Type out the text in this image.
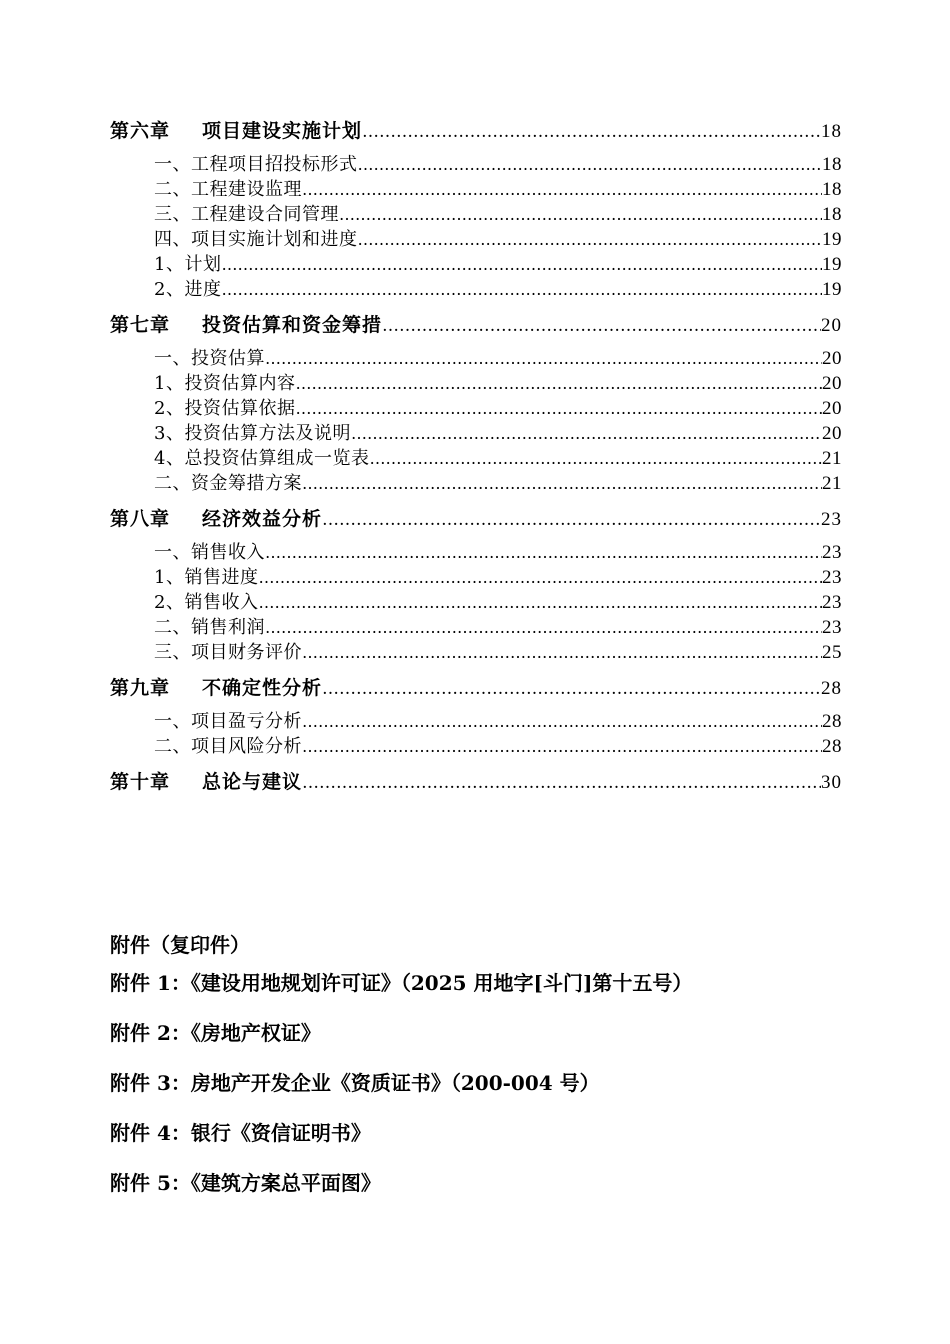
第六章 项目建设实施计划 ……………………………………………………………………………………………………………………………………………………………………	18
一、工程项目招投标形式 ……………………………………………………………………………………………………………………………………………………………………	18
二、工程建设监理 ……………………………………………………………………………………………………………………………………………………………………	18
三、工程建设合同管理 ……………………………………………………………………………………………………………………………………………………………………	18
四、项目实施计划和进度 ……………………………………………………………………………………………………………………………………………………………………	19
1、计划 ……………………………………………………………………………………………………………………………………………………………………	19
2、进度 ……………………………………………………………………………………………………………………………………………………………………	19
第七章 投资估算和资金筹措 ……………………………………………………………………………………………………………………………………………………………………	20
一、投资估算 ……………………………………………………………………………………………………………………………………………………………………	20
1、投资估算内容 ……………………………………………………………………………………………………………………………………………………………………	20
2、投资估算依据 ……………………………………………………………………………………………………………………………………………………………………	20
3、投资估算方法及说明 ……………………………………………………………………………………………………………………………………………………………………	20
4、总投资估算组成一览表 ……………………………………………………………………………………………………………………………………………………………………	21
二、资金筹措方案 ……………………………………………………………………………………………………………………………………………………………………	21
第八章 经济效益分析 ……………………………………………………………………………………………………………………………………………………………………	23
一、销售收入 ……………………………………………………………………………………………………………………………………………………………………	23
1、销售进度 ……………………………………………………………………………………………………………………………………………………………………	23
2、销售收入 ……………………………………………………………………………………………………………………………………………………………………	23
二、销售利润 ……………………………………………………………………………………………………………………………………………………………………	23
三、项目财务评价 ……………………………………………………………………………………………………………………………………………………………………	25
第九章 不确定性分析 ……………………………………………………………………………………………………………………………………………………………………	28
一、项目盈亏分析 ……………………………………………………………………………………………………………………………………………………………………	28
二、项目风险分析 ……………………………………………………………………………………………………………………………………………………………………	28
第十章 总论与建议 ……………………………………………………………………………………………………………………………………………………………………	30
附件（复印件）
附件 1：《建设用地规划许可证》（2025 用地字[斗门]第十五号）
附件 2：《房地产权证》
附件 3：房地产开发企业《资质证书》（200-004 号）
附件 4：银行《资信证明书》
附件 5：《建筑方案总平面图》
